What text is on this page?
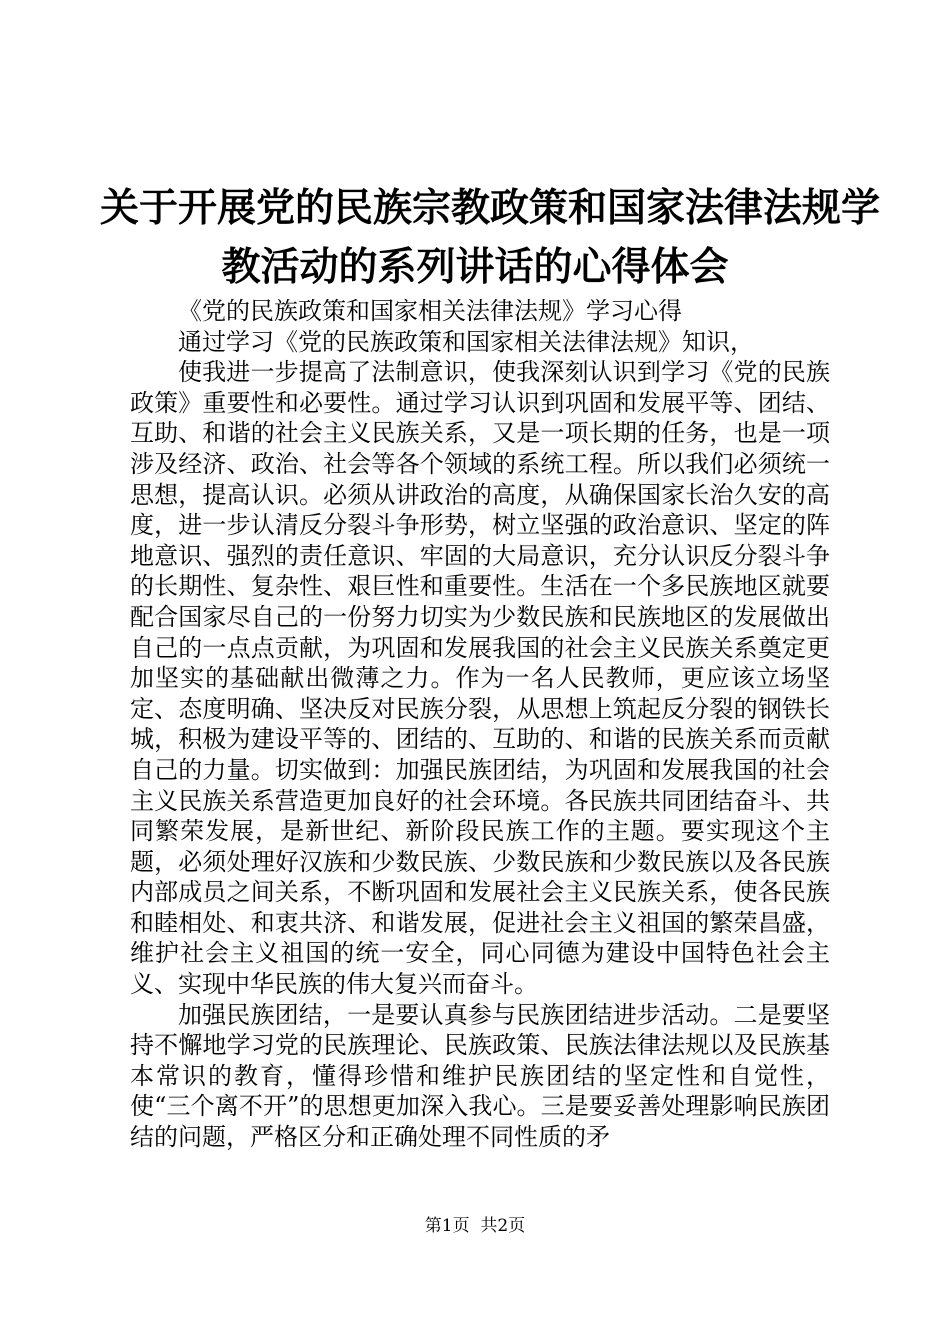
关于开展党的民族宗教政策和国家法律法规学
教活动的系列讲话的心得体会

《党的民族政策和国家相关法律法规》学习心得

通过学习《党的民族政策和国家相关法律法规》知识，

使我进一步提高了法制意识，使我深刻认识到学习《党的民族政策》重要性和必要性。通过学习认识到巩固和发展平等、团结、互助、和谐的社会主义民族关系，又是一项长期的任务，也是一项涉及经济、政治、社会等各个领域的系统工程。所以我们必须统一思想，提高认识。必须从讲政治的高度，从确保国家长治久安的高度，进一步认清反分裂斗争形势，树立坚强的政治意识、坚定的阵地意识、强烈的责任意识、牢固的大局意识，充分认识反分裂斗争的长期性、复杂性、艰巨性和重要性。生活在一个多民族地区就要配合国家尽自己的一份努力切实为少数民族和民族地区的发展做出自己的一点点贡献，为巩固和发展我国的社会主义民族关系奠定更加坚实的基础献出微薄之力。作为一名人民教师，更应该立场坚定、态度明确、坚决反对民族分裂，从思想上筑起反分裂的钢铁长城，积极为建设平等的、团结的、互助的、和谐的民族关系而贡献自己的力量。切实做到：加强民族团结，为巩固和发展我国的社会主义民族关系营造更加良好的社会环境。各民族共同团结奋斗、共同繁荣发展，是新世纪、新阶段民族工作的主题。要实现这个主题，必须处理好汉族和少数民族、少数民族和少数民族以及各民族内部成员之间关系，不断巩固和发展社会主义民族关系，使各民族和睦相处、和衷共济、和谐发展，促进社会主义祖国的繁荣昌盛，维护社会主义祖国的统一安全，同心同德为建设中国特色社会主义、实现中华民族的伟大复兴而奋斗。

加强民族团结，一是要认真参与民族团结进步活动。二是要坚持不懈地学习党的民族理论、民族政策、民族法律法规以及民族基本常识的教育，懂得珍惜和维护民族团结的坚定性和自觉性，使“三个离不开”的思想更加深入我心。三是要妥善处理影响民族团结的问题，严格区分和正确处理不同性质的矛

第1页  共2页
